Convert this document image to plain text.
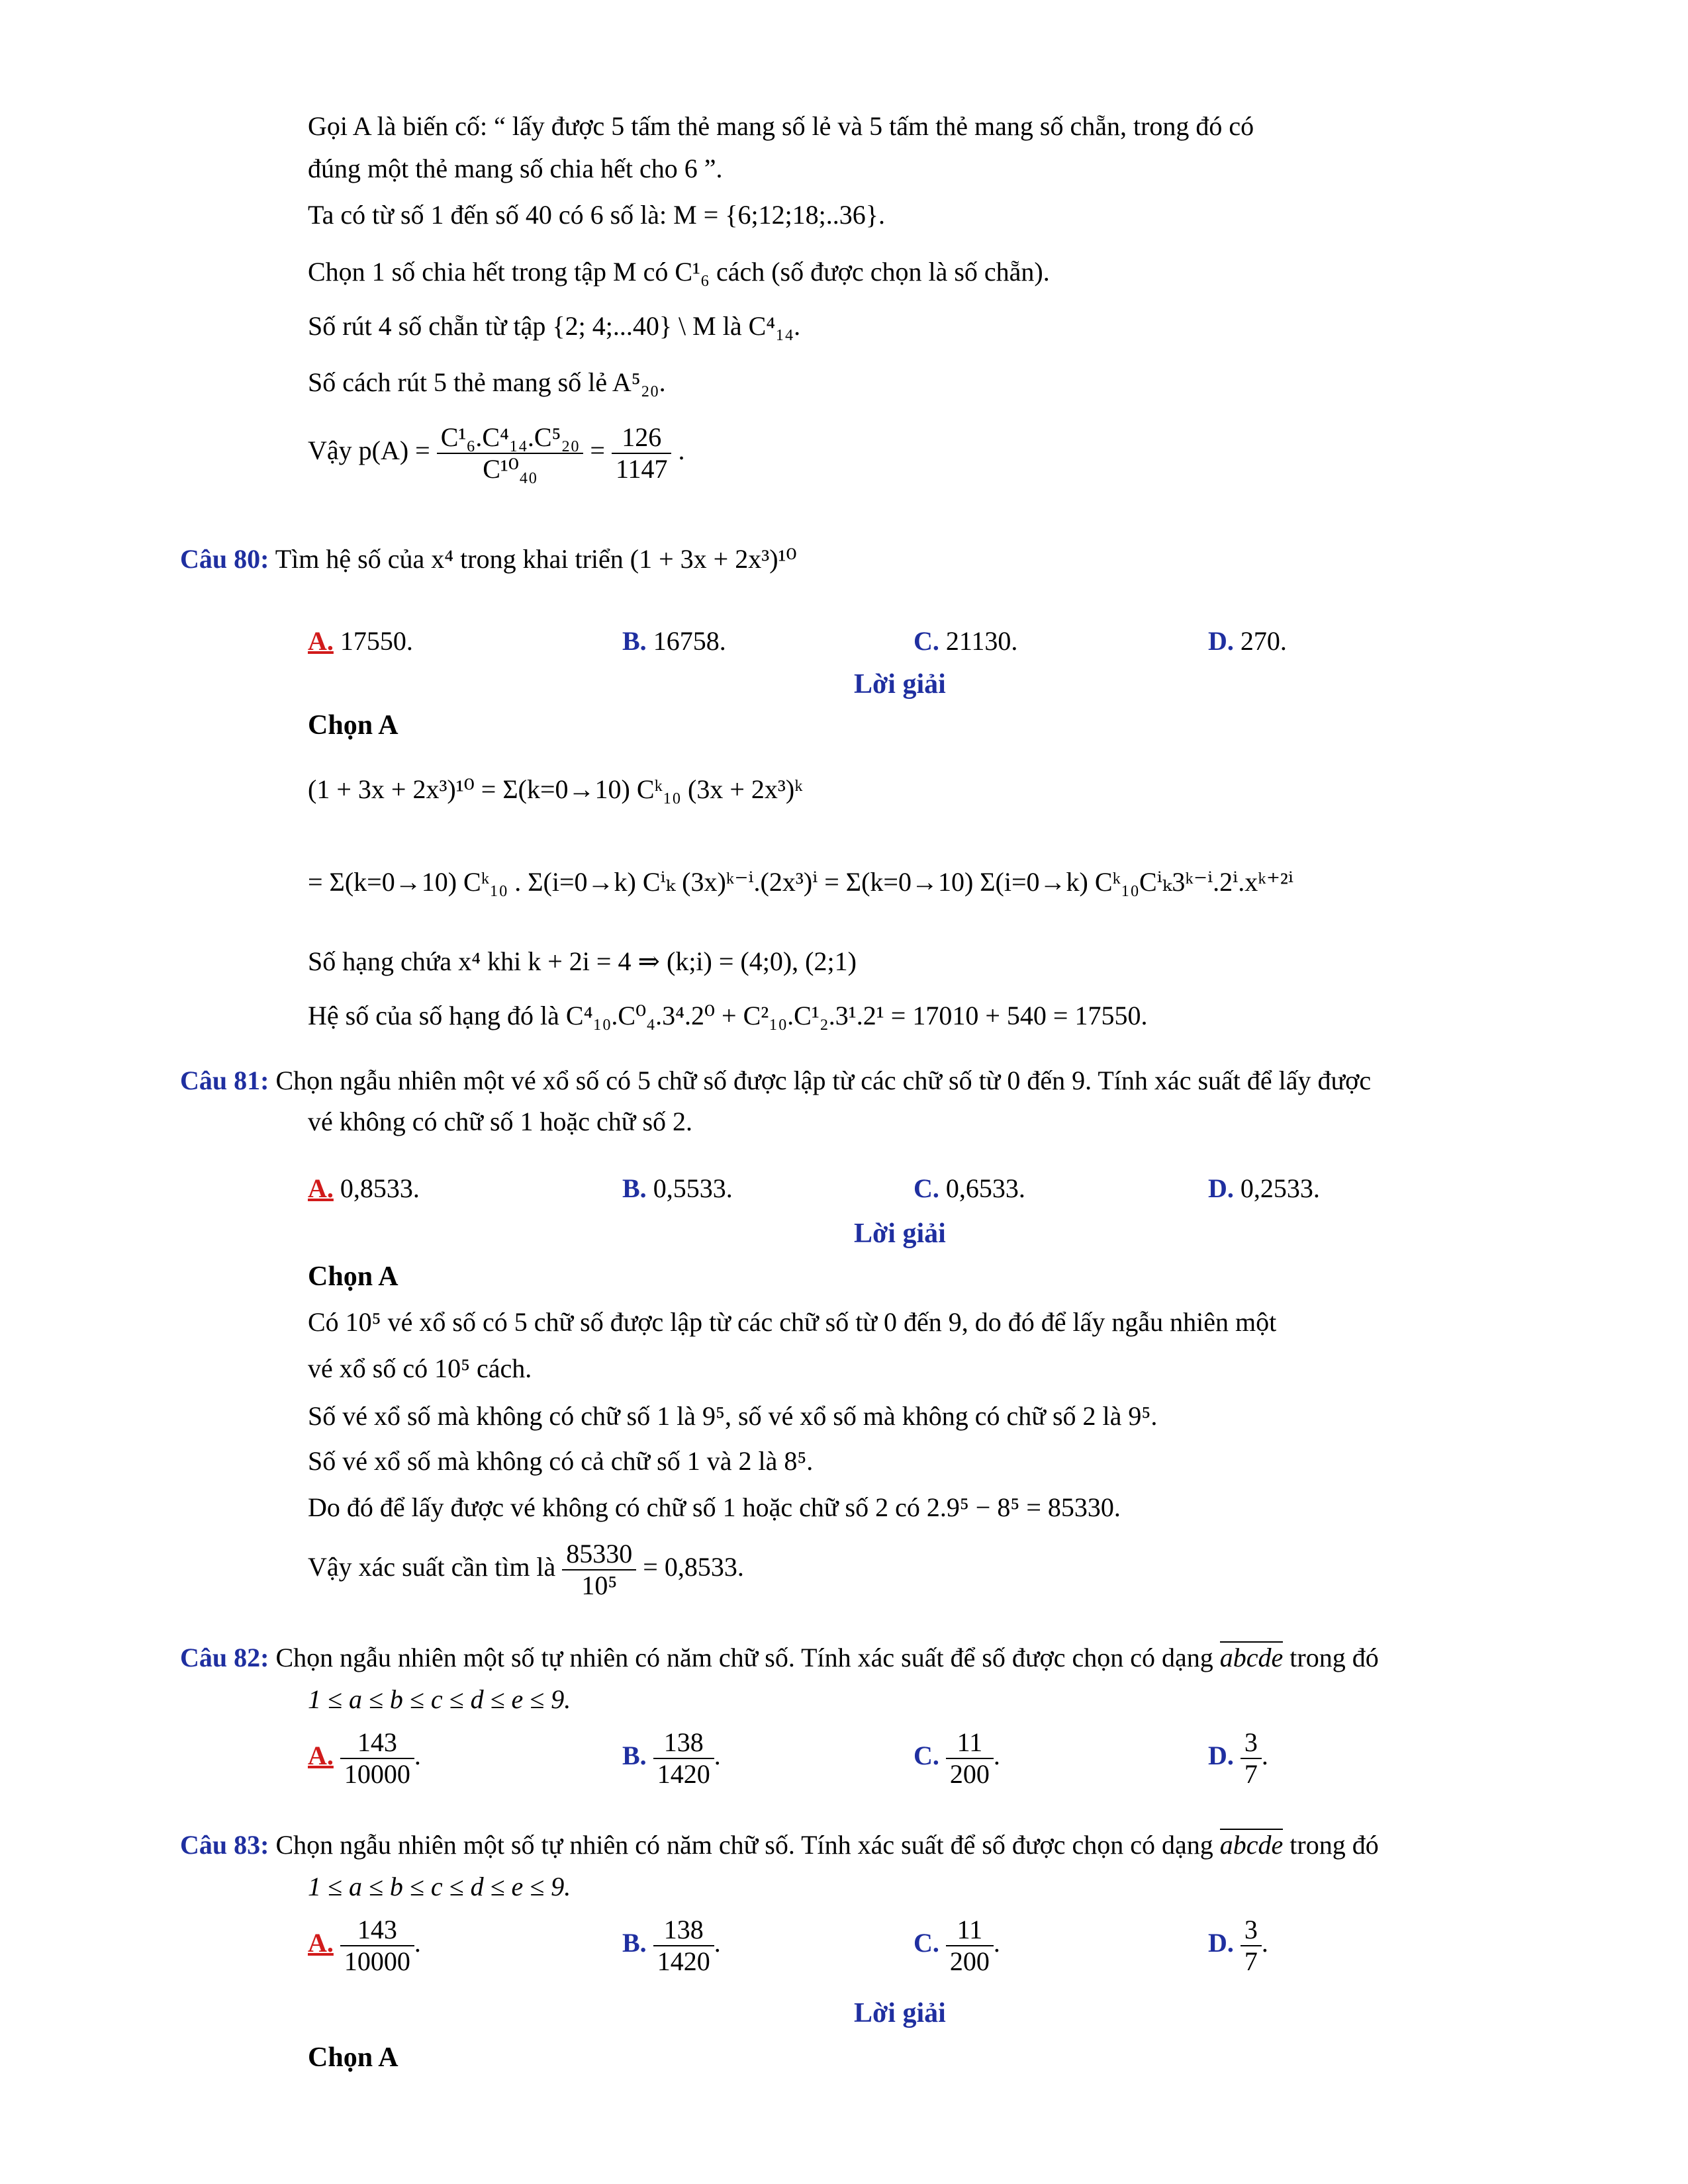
Gọi A là biến cố: “ lấy được 5 tấm thẻ mang số lẻ và 5 tấm thẻ mang số chẵn, trong đó có
đúng một thẻ mang số chia hết cho 6 ”.
Ta có từ số 1 đến số 40 có 6 số là: M = {6;12;18;..36}.
Chọn 1 số chia hết trong tập M có C¹₆ cách (số được chọn là số chẵn).
Số rút 4 số chẵn từ tập {2; 4;...40} \ M là C⁴₁₄.
Số cách rút 5 thẻ mang số lẻ A⁵₂₀.
Vậy $p(A) = \frac{\text{C¹₆.C⁴₁₄.C⁵₂₀}}{\text{C¹⁰₄₀}} = \frac{126}{1147}$ .
Câu 80: Tìm hệ số của x⁴ trong khai triển (1 + 3x + 2x³)¹⁰
A. 17550.	B. 16758.	C. 21130.	D. 270.
Lời giải
Chọn A
(1 + 3x + 2x³)¹⁰ = Σ(k=0→10) Cᵏ₁₀ (3x + 2x³)ᵏ
= Σ(k=0→10) Cᵏ₁₀ . Σ(i=0→k) Cⁱₖ (3x)ᵏ⁻ⁱ.(2x³)ⁱ = Σ(k=0→10) Σ(i=0→k) Cᵏ₁₀Cⁱₖ3ᵏ⁻ⁱ.2ⁱ.xᵏ⁺²ⁱ
Số hạng chứa x⁴ khi k + 2i = 4 ⇒ (k;i) = (4;0), (2;1)
Hệ số của số hạng đó là C⁴₁₀.C⁰₄.3⁴.2⁰ + C²₁₀.C¹₂.3¹.2¹ = 17010 + 540 = 17550.
Câu 81: Chọn ngẫu nhiên một vé xổ số có 5 chữ số được lập từ các chữ số từ 0 đến 9. Tính xác suất để lấy được
vé không có chữ số 1 hoặc chữ số 2.
A. 0,8533.	B. 0,5533.	C. 0,6533.	D. 0,2533.
Lời giải
Chọn A
Có 10⁵ vé xổ số có 5 chữ số được lập từ các chữ số từ 0 đến 9, do đó để lấy ngẫu nhiên một
vé xổ số có 10⁵ cách.
Số vé xổ số mà không có chữ số 1 là 9⁵, số vé xổ số mà không có chữ số 2 là 9⁵.
Số vé xổ số mà không có cả chữ số 1 và 2 là 8⁵.
Do đó để lấy được vé không có chữ số 1 hoặc chữ số 2 có 2.9⁵ − 8⁵ = 85330.
Vậy xác suất cần tìm là $\frac{85330}{\text{10⁵}} = 0,8533$.
Câu 82: Chọn ngẫu nhiên một số tự nhiên có năm chữ số. Tính xác suất để số được chọn có dạng abcde trong đó
1 ≤ a ≤ b ≤ c ≤ d ≤ e ≤ 9.
A. $\frac{143}{10000}$ .	B. $\frac{138}{1420}$ .	C. $\frac{11}{200}$ .	D. $\frac{3}{7}$ .
Câu 83: Chọn ngẫu nhiên một số tự nhiên có năm chữ số. Tính xác suất để số được chọn có dạng abcde trong đó
1 ≤ a ≤ b ≤ c ≤ d ≤ e ≤ 9.
A. $\frac{143}{10000}$ .	B. $\frac{138}{1420}$ .	C. $\frac{11}{200}$ .	D. $\frac{3}{7}$ .
Lời giải
Chọn A
